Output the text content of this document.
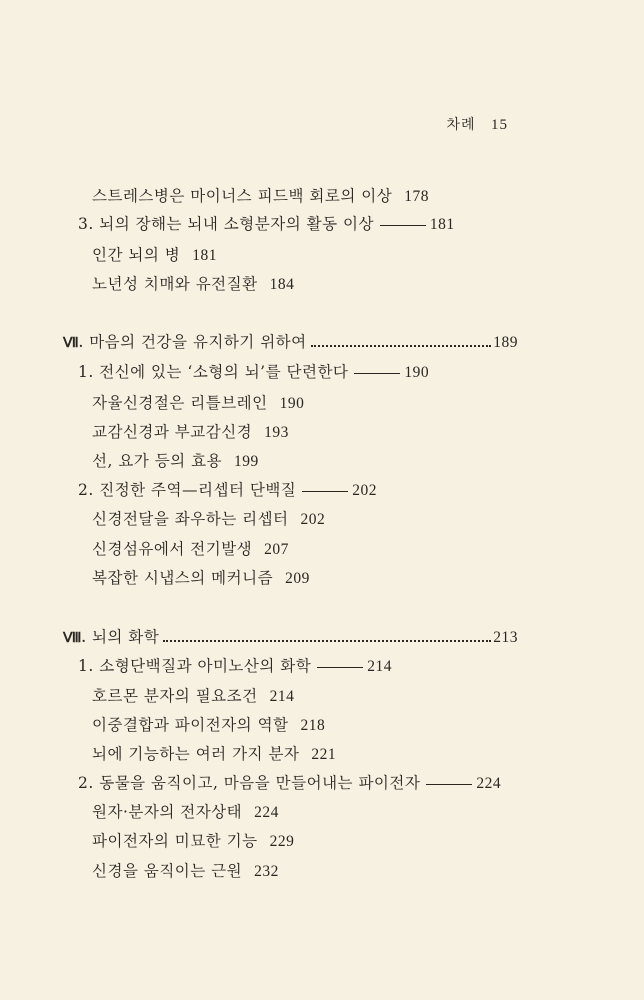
차례 15
스트레스병은 마이너스 피드백 회로의 이상 178
3. 뇌의 장해는 뇌내 소형분자의 활동 이상	181
인간 뇌의 병 181
노년성 치매와 유전질환 184
Ⅶ. 마음의 건강을 유지하기 위하여	189
1. 전신에 있는 ‘소형의 뇌’를 단련한다	190
자율신경절은 리틀브레인 190
교감신경과 부교감신경 193
선, 요가 등의 효용 199
2. 진정한 주역—리셉터 단백질	202
신경전달을 좌우하는 리셉터 202
신경섬유에서 전기발생 207
복잡한 시냅스의 메커니즘 209
Ⅷ. 뇌의 화학	213
1. 소형단백질과 아미노산의 화학	214
호르몬 분자의 필요조건 214
이중결합과 파이전자의 역할 218
뇌에 기능하는 여러 가지 분자 221
2. 동물을 움직이고, 마음을 만들어내는 파이전자	224
원자·분자의 전자상태 224
파이전자의 미묘한 기능 229
신경을 움직이는 근원 232
